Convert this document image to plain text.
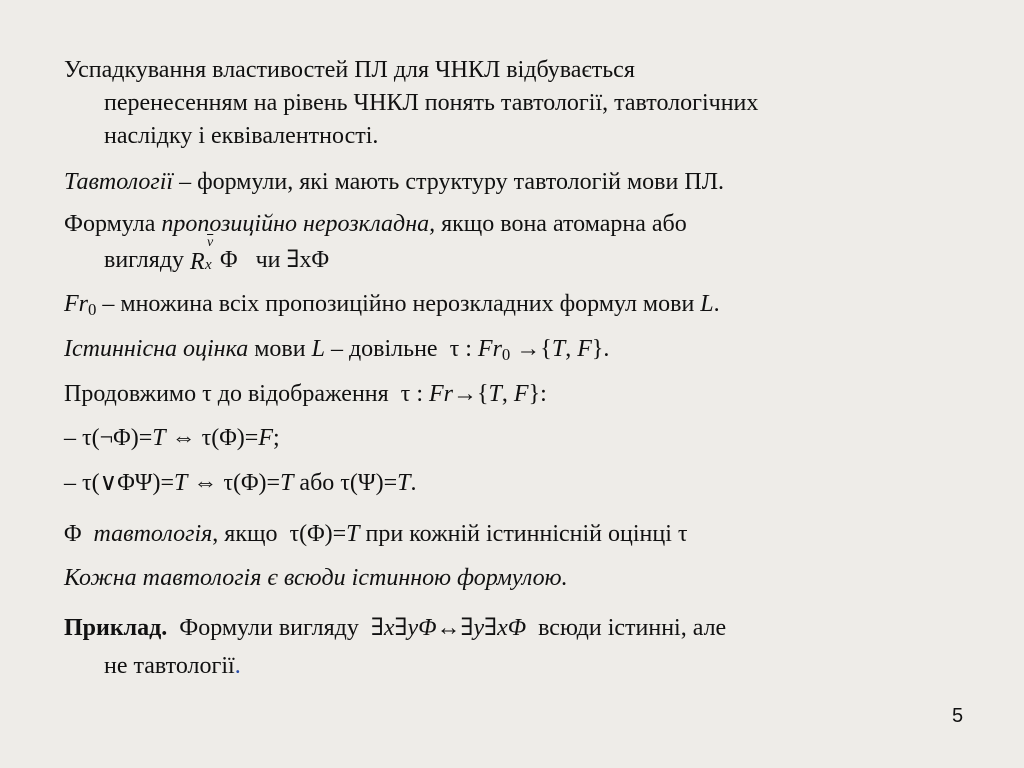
Успадкування властивостей ПЛ для ЧНКЛ відбувається
перенесенням на рівень ЧНКЛ понять тавтології, тавтологічних
наслідку і еквівалентності.
Тавтології – формули, які мають структуру тавтологій мови ПЛ.
Формула пропозиційно нерозкладна, якщо вона атомарна або
вигляду R x
$\overline{v}$
Φ   чи ∃xΦ
$Fr_0$ – множина всіх пропозиційно нерозкладних формул мови L.
Істиннісна оцінка мови L – довільне  τ : $Fr_0 \to\{T$, F}.
Продовжимо τ до відображення  τ : Fr→{T, F}:
– τ(¬Φ)=T ⇔ τ(Φ)=F;
– τ(∨ΦΨ)=T ⇔ τ(Φ)=T або τ(Ψ)=T.
Φ  тавтологія, якщо  τ(Φ)=T при кожній істиннісній оцінці τ
Кожна тавтологія є всюди істинною формулою.
Приклад.  Формули вигляду  ∃x∃yΦ↔∃y∃xΦ  всюди істинні, але
не тавтології.
5
